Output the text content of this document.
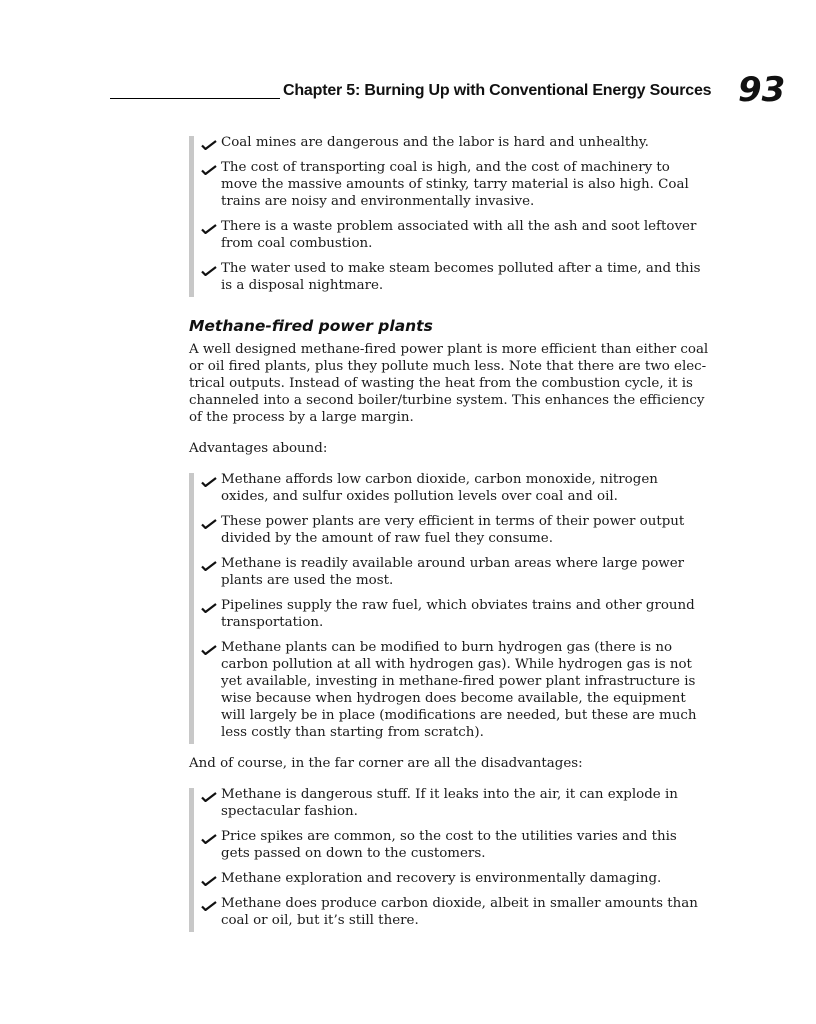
Chapter 5: Burning Up with Conventional Energy Sources 93
Coal mines are dangerous and the labor is hard and unhealthy.
The cost of transporting coal is high, and the cost of machinery to move the massive amounts of stinky, tarry material is also high. Coal trains are noisy and environmentally invasive.
There is a waste problem associated with all the ash and soot leftover from coal combustion.
The water used to make steam becomes polluted after a time, and this is a disposal nightmare.
Methane-fired power plants

A well designed methane-fired power plant is more efficient than either coal or oil fired plants, plus they pollute much less. Note that there are two elec-trical outputs. Instead of wasting the heat from the combustion cycle, it is channeled into a second boiler/turbine system. This enhances the efficiency of the process by a large margin.

Advantages abound:

Methane affords low carbon dioxide, carbon monoxide, nitrogen oxides, and sulfur oxides pollution levels over coal and oil.
These power plants are very efficient in terms of their power output divided by the amount of raw fuel they consume.
Methane is readily available around urban areas where large power plants are used the most.
Pipelines supply the raw fuel, which obviates trains and other ground transportation.
Methane plants can be modified to burn hydrogen gas (there is no carbon pollution at all with hydrogen gas). While hydrogen gas is not yet available, investing in methane-fired power plant infrastructure is wise because when hydrogen does become available, the equipment will largely be in place (modifications are needed, but these are much less costly than starting from scratch).

And of course, in the far corner are all the disadvantages:

Methane is dangerous stuff. If it leaks into the air, it can explode in spectacular fashion.
Price spikes are common, so the cost to the utilities varies and this gets passed on down to the customers.
Methane exploration and recovery is environmentally damaging.
Methane does produce carbon dioxide, albeit in smaller amounts than coal or oil, but it’s still there.
